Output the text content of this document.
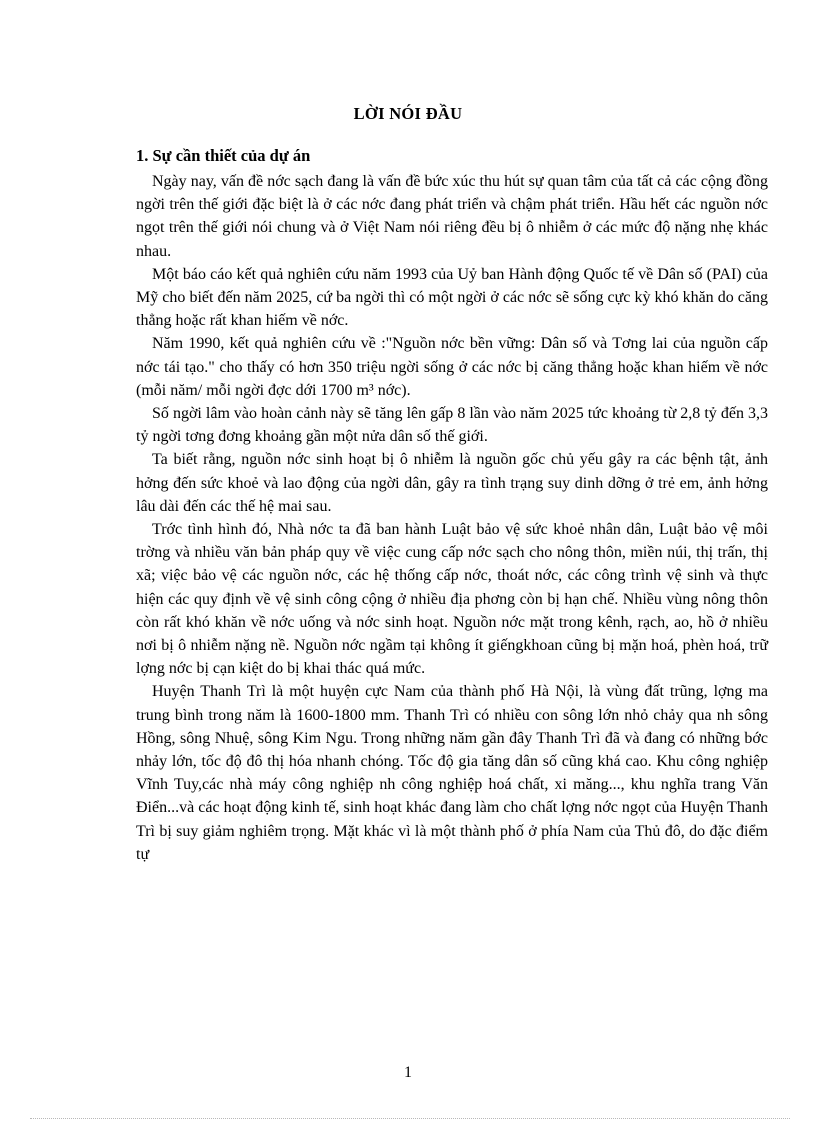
LỜI NÓI ĐẦU
1. Sự cần thiết của dự án

Ngày nay, vấn đề nớc sạch đang là vấn đề bức xúc thu hút sự quan tâm của tất cả các cộng đồng ngời trên thế giới đặc biệt là ở các nớc đang phát triển và chậm phát triển. Hầu hết các nguồn nớc ngọt trên thế giới nói chung và ở Việt Nam nói riêng đều bị ô nhiễm ở các mức độ nặng nhẹ khác nhau.

Một báo cáo kết quả nghiên cứu năm 1993 của Uỷ ban Hành động Quốc tế về Dân số (PAI) của Mỹ cho biết đến năm 2025, cứ ba ngời thì có một ngời ở các nớc sẽ sống cực kỳ khó khăn do căng thẳng hoặc rất khan hiếm về nớc.

Năm 1990, kết quả nghiên cứu về :"Nguồn nớc bền vững: Dân số và Tơng lai của nguồn cấp nớc tái tạo." cho thấy có hơn 350 triệu ngời sống ở các nớc bị căng thẳng hoặc khan hiếm về nớc (mỗi năm/ mỗi ngời đợc dới 1700 m³ nớc).

Số ngời lâm vào hoàn cảnh này sẽ tăng lên gấp 8 lần vào năm 2025 tức khoảng từ 2,8 tỷ đến 3,3 tỷ ngời tơng đơng khoảng gần một nửa dân số thế giới.

Ta biết rằng, nguồn nớc sinh hoạt bị ô nhiễm là nguồn gốc chủ yếu gây ra các bệnh tật, ảnh hởng đến sức khoẻ và lao động của ngời dân, gây ra tình trạng suy dinh dỡng ở trẻ em, ảnh hởng lâu dài đến các thế hệ mai sau.

Trớc tình hình đó, Nhà nớc ta đã ban hành Luật bảo vệ sức khoẻ nhân dân, Luật bảo vệ môi trờng và nhiều văn bản pháp quy về việc cung cấp nớc sạch cho nông thôn, miền núi, thị trấn, thị xã; việc bảo vệ các nguồn nớc, các hệ thống cấp nớc, thoát nớc, các công trình vệ sinh và thực hiện các quy định về vệ sinh công cộng ở nhiều địa phơng còn bị hạn chế. Nhiều vùng nông thôn còn rất khó khăn về nớc uống và nớc sinh hoạt. Nguồn nớc mặt trong kênh, rạch, ao, hồ ở nhiều nơi bị ô nhiễm nặng nề. Nguồn nớc ngầm tại không ít giếngkhoan cũng bị mặn hoá, phèn hoá, trữ lợng nớc bị cạn kiệt do bị khai thác quá mức.

Huyện Thanh Trì là một huyện cực Nam của thành phố Hà Nội, là vùng đất trũng, lợng ma trung bình trong năm là 1600-1800 mm. Thanh Trì có nhiều con sông lớn nhỏ chảy qua nh sông Hồng, sông Nhuệ, sông Kim Ngu. Trong những năm gần đây Thanh Trì đã và đang có những bớc nhảy lớn, tốc độ đô thị hóa nhanh chóng. Tốc độ gia tăng dân số cũng khá cao. Khu công nghiệp Vĩnh Tuy,các nhà máy công nghiệp nh công nghiệp hoá chất, xi măng..., khu nghĩa trang Văn Điển...và các hoạt động kinh tế, sinh hoạt khác đang làm cho chất lợng nớc ngọt của Huyện Thanh Trì bị suy giảm nghiêm trọng. Mặt khác vì là một thành phố ở phía Nam của Thủ đô, do đặc điểm tự

1
